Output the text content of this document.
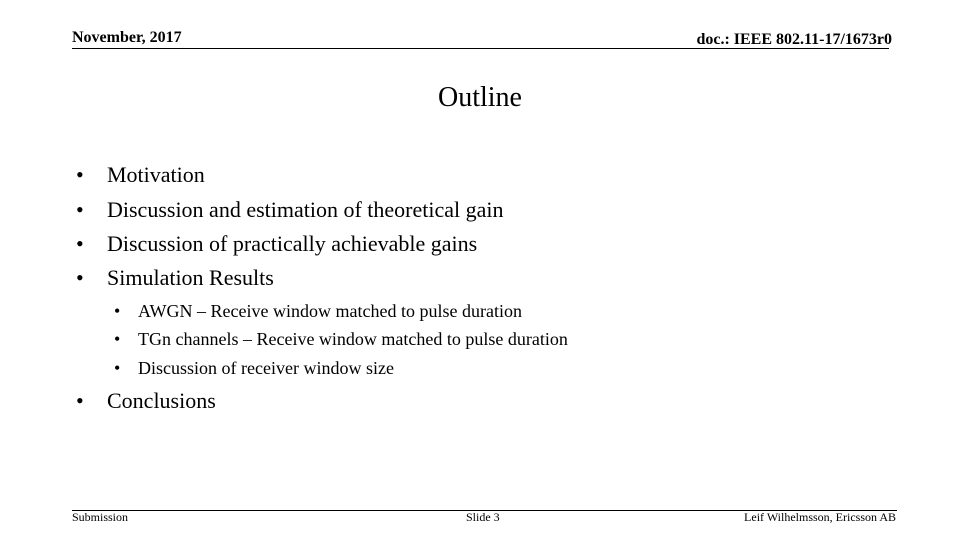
November, 2017	doc.: IEEE 802.11-17/1673r0
Outline
• Motivation
• Discussion and estimation of theoretical gain
• Discussion of practically achievable gains
• Simulation Results
• AWGN – Receive window matched to pulse duration
• TGn channels – Receive window matched to pulse duration
• Discussion of receiver window size
• Conclusions
Submission	Slide 3	Leif Wilhelmsson, Ericsson AB
